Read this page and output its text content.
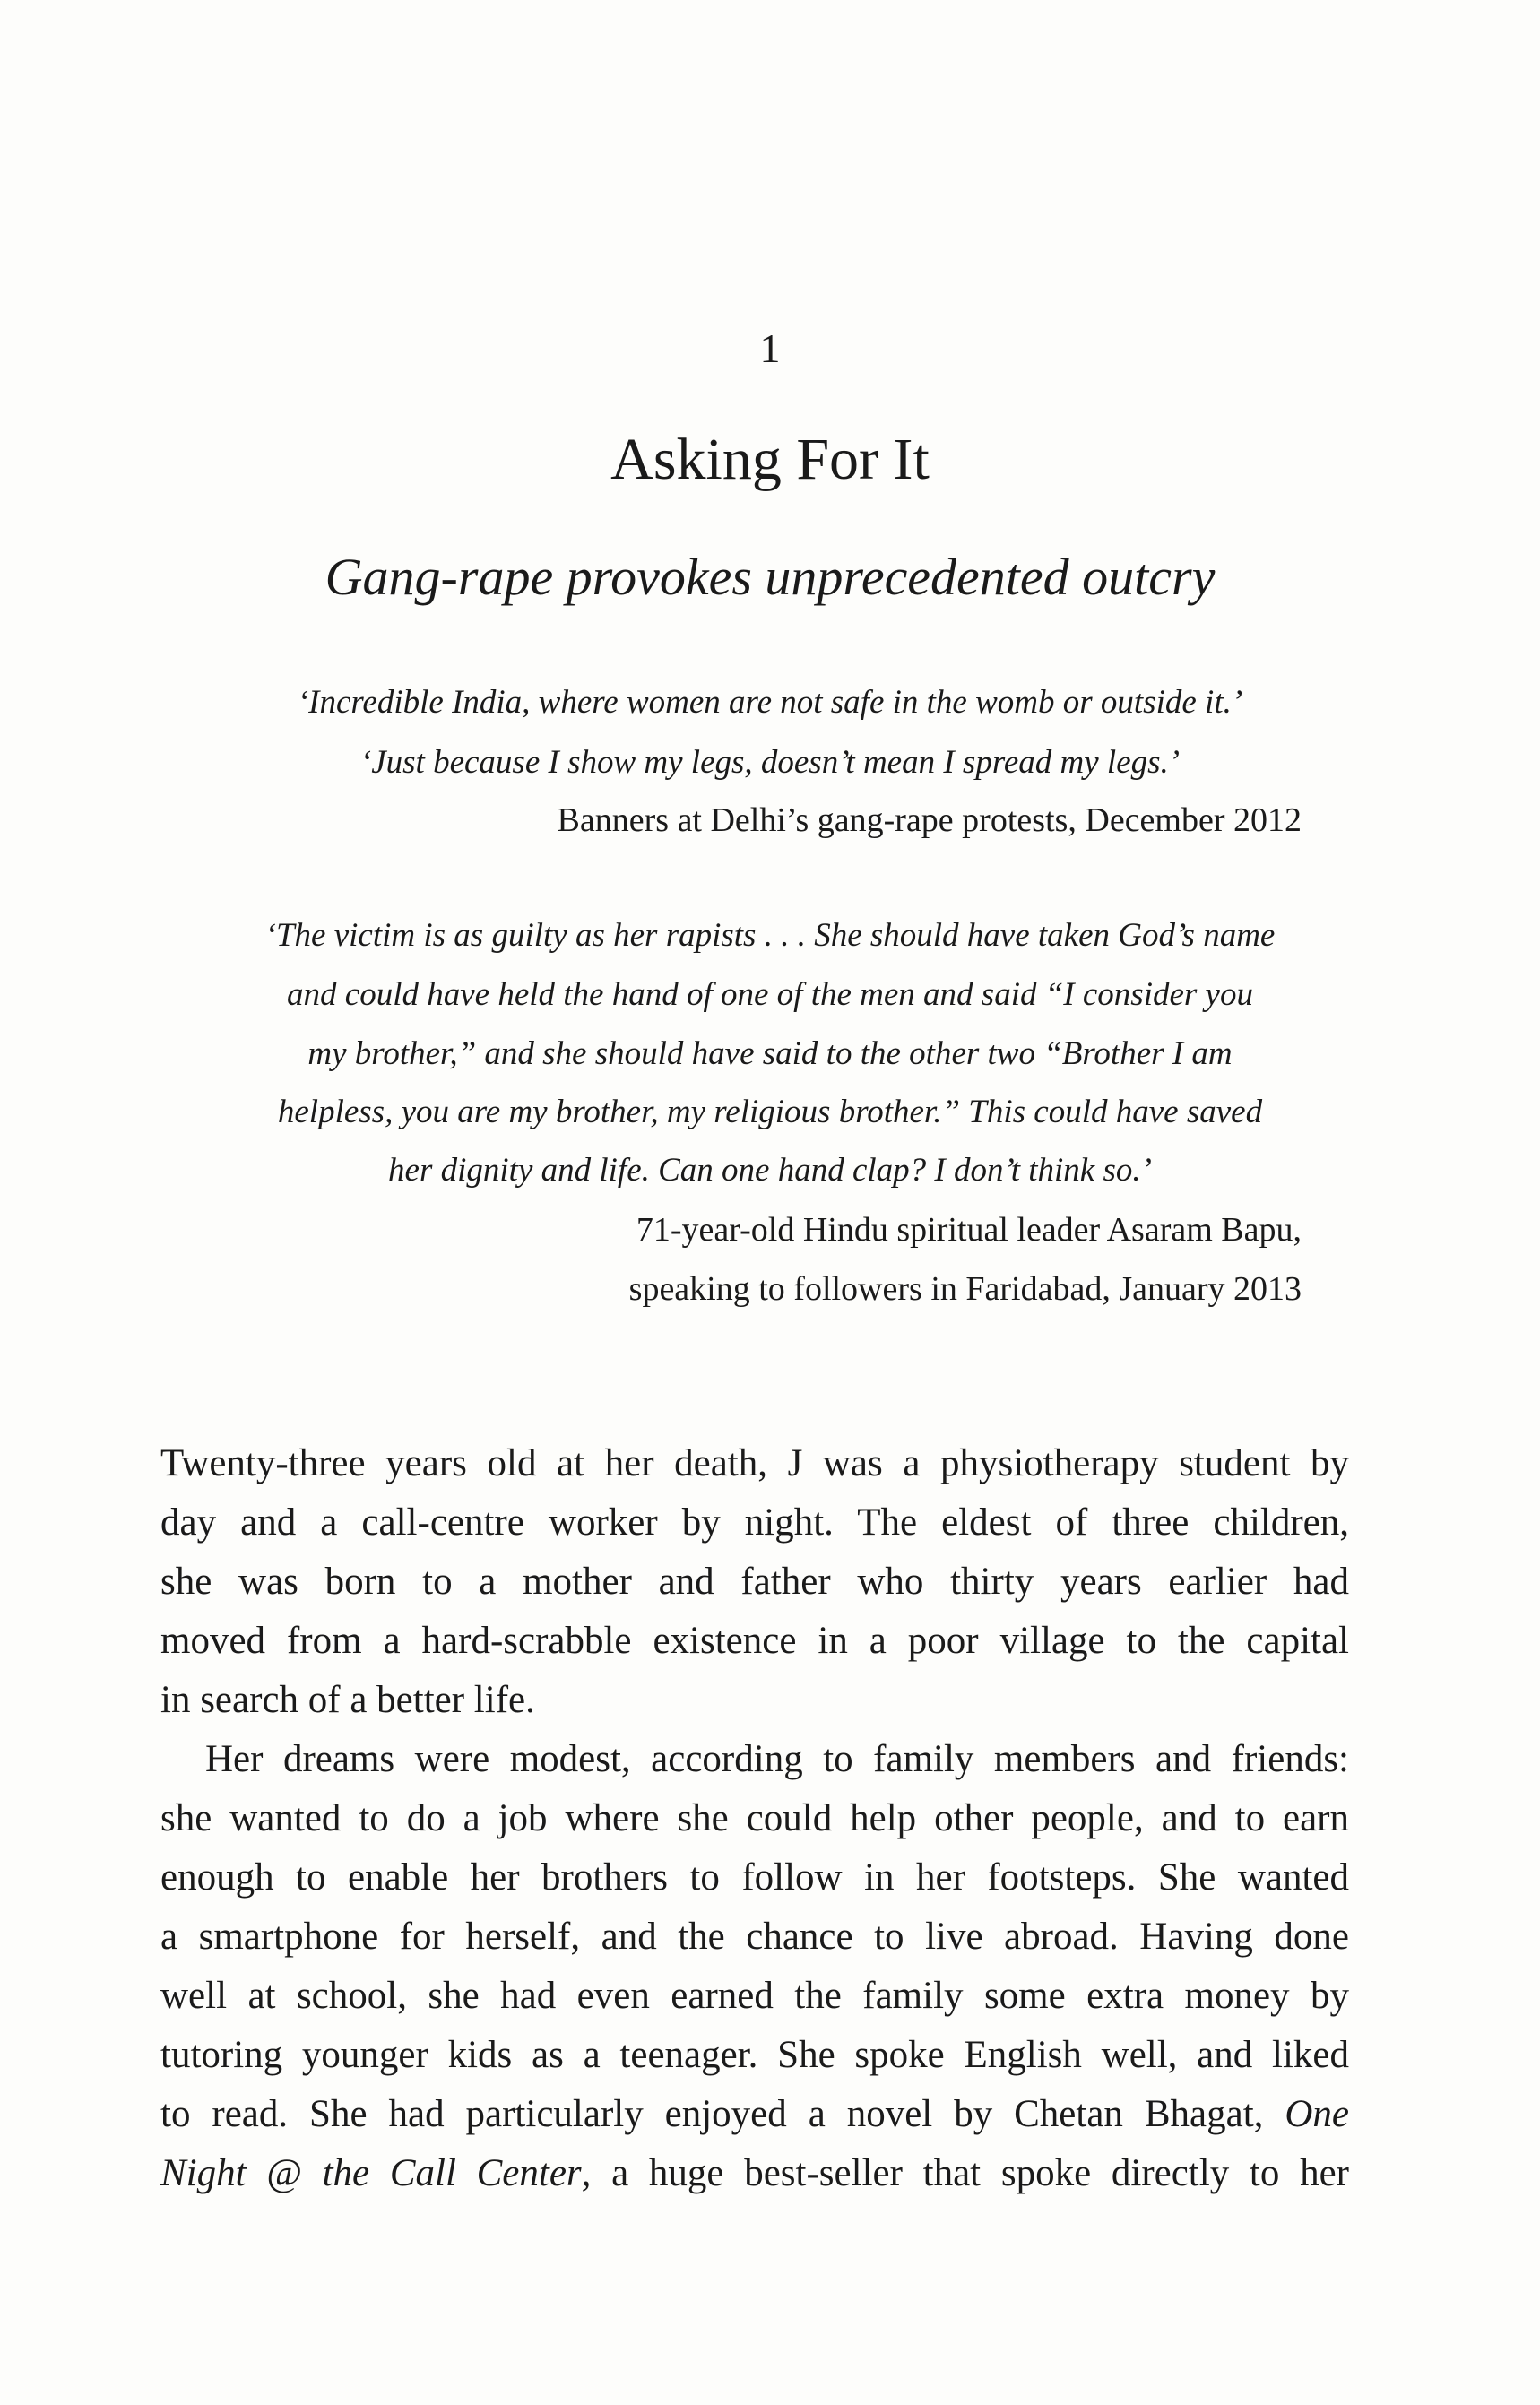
1
Asking For It
Gang-rape provokes unprecedented outcry
‘Incredible India, where women are not safe in the womb or outside it.’
‘Just because I show my legs, doesn’t mean I spread my legs.’
Banners at Delhi’s gang-rape protests, December 2012
‘The victim is as guilty as her rapists . . . She should have taken God’s name
and could have held the hand of one of the men and said “I consider you
my brother,” and she should have said to the other two “Brother I am
helpless, you are my brother, my religious brother.” This could have saved
her dignity and life. Can one hand clap? I don’t think so.’
71-year-old Hindu spiritual leader Asaram Bapu,
speaking to followers in Faridabad, January 2013
Twenty-three years old at her death, J was a physiotherapy student by
day and a call-centre worker by night. The eldest of three children,
she was born to a mother and father who thirty years earlier had
moved from a hard-scrabble existence in a poor village to the capital
in search of a better life.
Her dreams were modest, according to family members and friends:
she wanted to do a job where she could help other people, and to earn
enough to enable her brothers to follow in her footsteps. She wanted
a smartphone for herself, and the chance to live abroad. Having done
well at school, she had even earned the family some extra money by
tutoring younger kids as a teenager. She spoke English well, and liked
to read. She had particularly enjoyed a novel by Chetan Bhagat, One
Night @ the Call Center, a huge best-seller that spoke directly to her
